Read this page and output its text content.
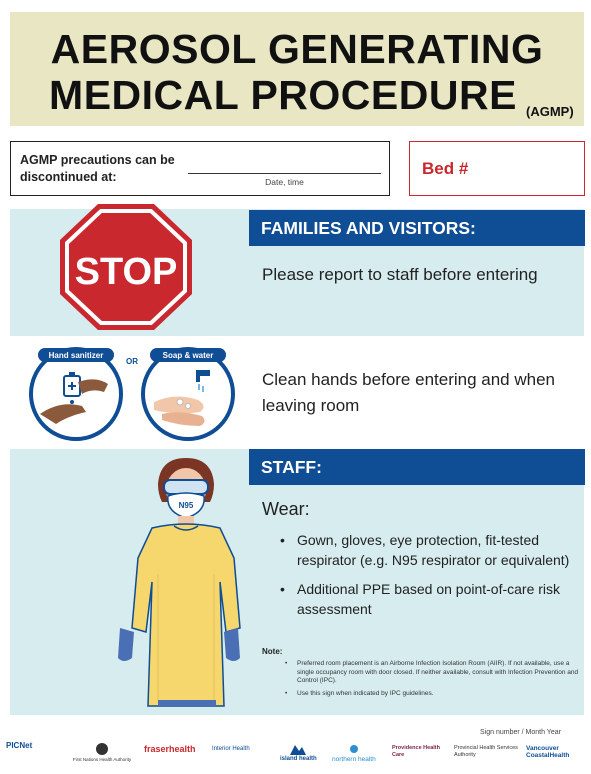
AEROSOL GENERATING
MEDICAL PROCEDURE (AGMP)
AGMP precautions can be discontinued at:	Date, time
Bed #
FAMILIES AND VISITORS:
STOP	Please report to staff before entering
Hand sanitizer
OR
Soap & water
Clean hands before entering and when leaving room
STAFF:
N95	Wear:
• Gown, gloves, eye protection, fit-tested respirator (e.g. N95 respirator or equivalent)
• Additional PPE based on point-of-care risk assessment
Note:
• Preferred room placement is an Airborne Infection Isolation Room (AIIR). If not available, use a single occupancy room with door closed. If neither available, consult with Infection Prevention and Control (IPC).
• Use this sign when indicated by IPC guidelines.
Sign number / Month Year
PICNet
First Nations Health Authority
fraserhealth	Interior Health
island health northern health
Providence Health Care
Provincial Health Services Authority
Vancouver CoastalHealth
